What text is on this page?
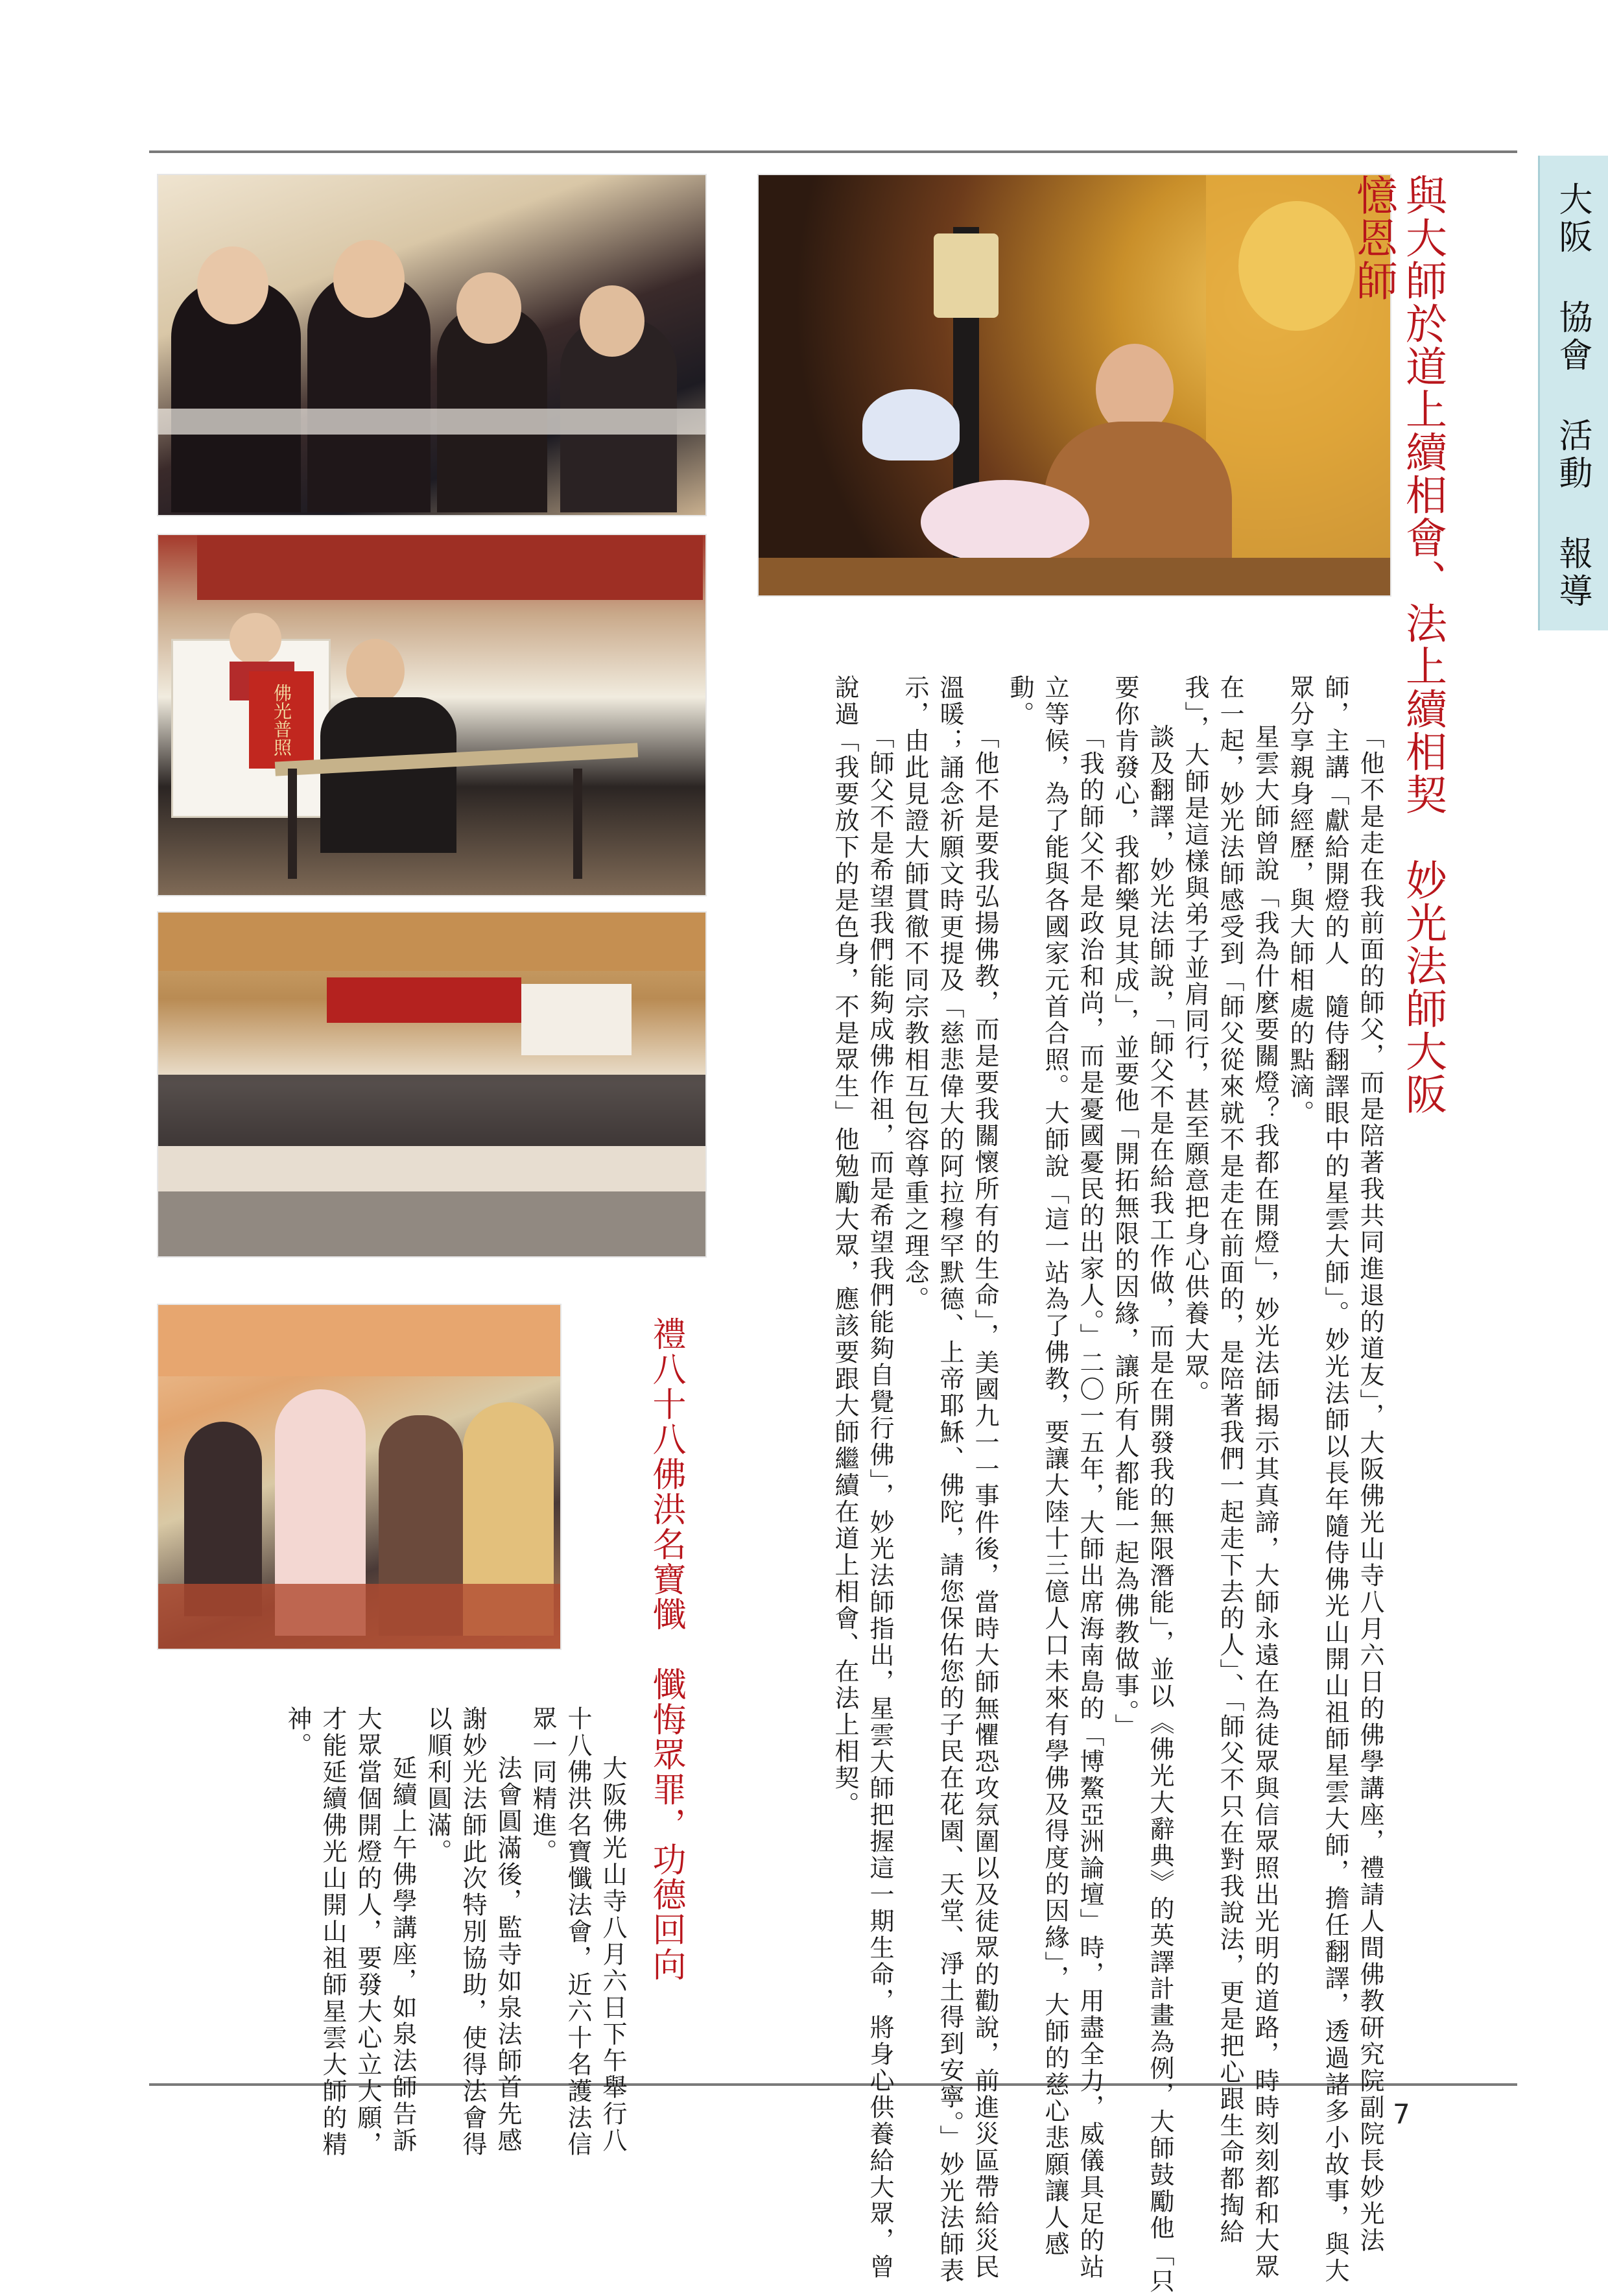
大阪 協會 活動 報導
佛光普照	與大師於道上續相會、法上續相契　妙光法師大阪憶恩師

「他不是走在我前面的師父，而是陪著我共同進退的道友」，大阪佛光山寺八月六日的佛學講座，禮請人間佛教研究院副院長妙光法師，主講「獻給開燈的人　隨侍翻譯眼中的星雲大師」。妙光法師以長年隨侍佛光山開山祖師星雲大師，擔任翻譯，透過諸多小故事，與大眾分享親身經歷，與大師相處的點滴。

星雲大師曾說「我為什麼要關燈？我都在開燈」，妙光法師揭示其真諦，大師永遠在為徒眾與信眾照出光明的道路，時時刻刻都和大眾在一起，妙光法師感受到「師父從來就不是走在前面的，是陪著我們一起走下去的人」、「師父不只在對我說法，更是把心跟生命都掏給我」，大師是這樣與弟子並肩同行，甚至願意把身心供養大眾。

談及翻譯，妙光法師說，「師父不是在給我工作做，而是在開發我的無限潛能」，並以《佛光大辭典》的英譯計畫為例，大師鼓勵他「只要你肯發心，我都樂見其成」，並要他「開拓無限的因緣，讓所有人都能一起為佛教做事。」

「我的師父不是政治和尚，而是憂國憂民的出家人。」二〇一五年，大師出席海南島的「博鰲亞洲論壇」時，用盡全力，威儀具足的站立等候，為了能與各國家元首合照。大師說「這一站為了佛教，要讓大陸十三億人口未來有學佛及得度的因緣」，大師的慈心悲願讓人感動。

「他不是要我弘揚佛教，而是要我關懷所有的生命」，美國九一一事件後，當時大師無懼恐攻氛圍以及徒眾的勸說，前進災區帶給災民溫暖；誦念祈願文時更提及「慈悲偉大的阿拉穆罕默德、上帝耶穌、佛陀，請您保佑您的子民在花園、天堂、淨土得到安寧。」妙光法師表示，由此見證大師貫徹不同宗教相互包容尊重之理念。

「師父不是希望我們能夠成佛作祖，而是希望我們能夠自覺行佛」，妙光法師指出，星雲大師把握這一期生命，將身心供養給大眾，曾說過「我要放下的是色身，不是眾生」他勉勵大眾，應該要跟大師繼續在道上相會、在法上相契。

禮八十八佛洪名寶懺　懺悔眾罪，功德回向

大阪佛光山寺八月六日下午舉行八十八佛洪名寶懺法會，近六十名護法信眾一同精進。

法會圓滿後，監寺如泉法師首先感謝妙光法師此次特別協助，使得法會得以順利圓滿。

延續上午佛學講座，如泉法師告訴大眾當個開燈的人，要發大心立大願，才能延續佛光山開山祖師星雲大師的精神。

7
